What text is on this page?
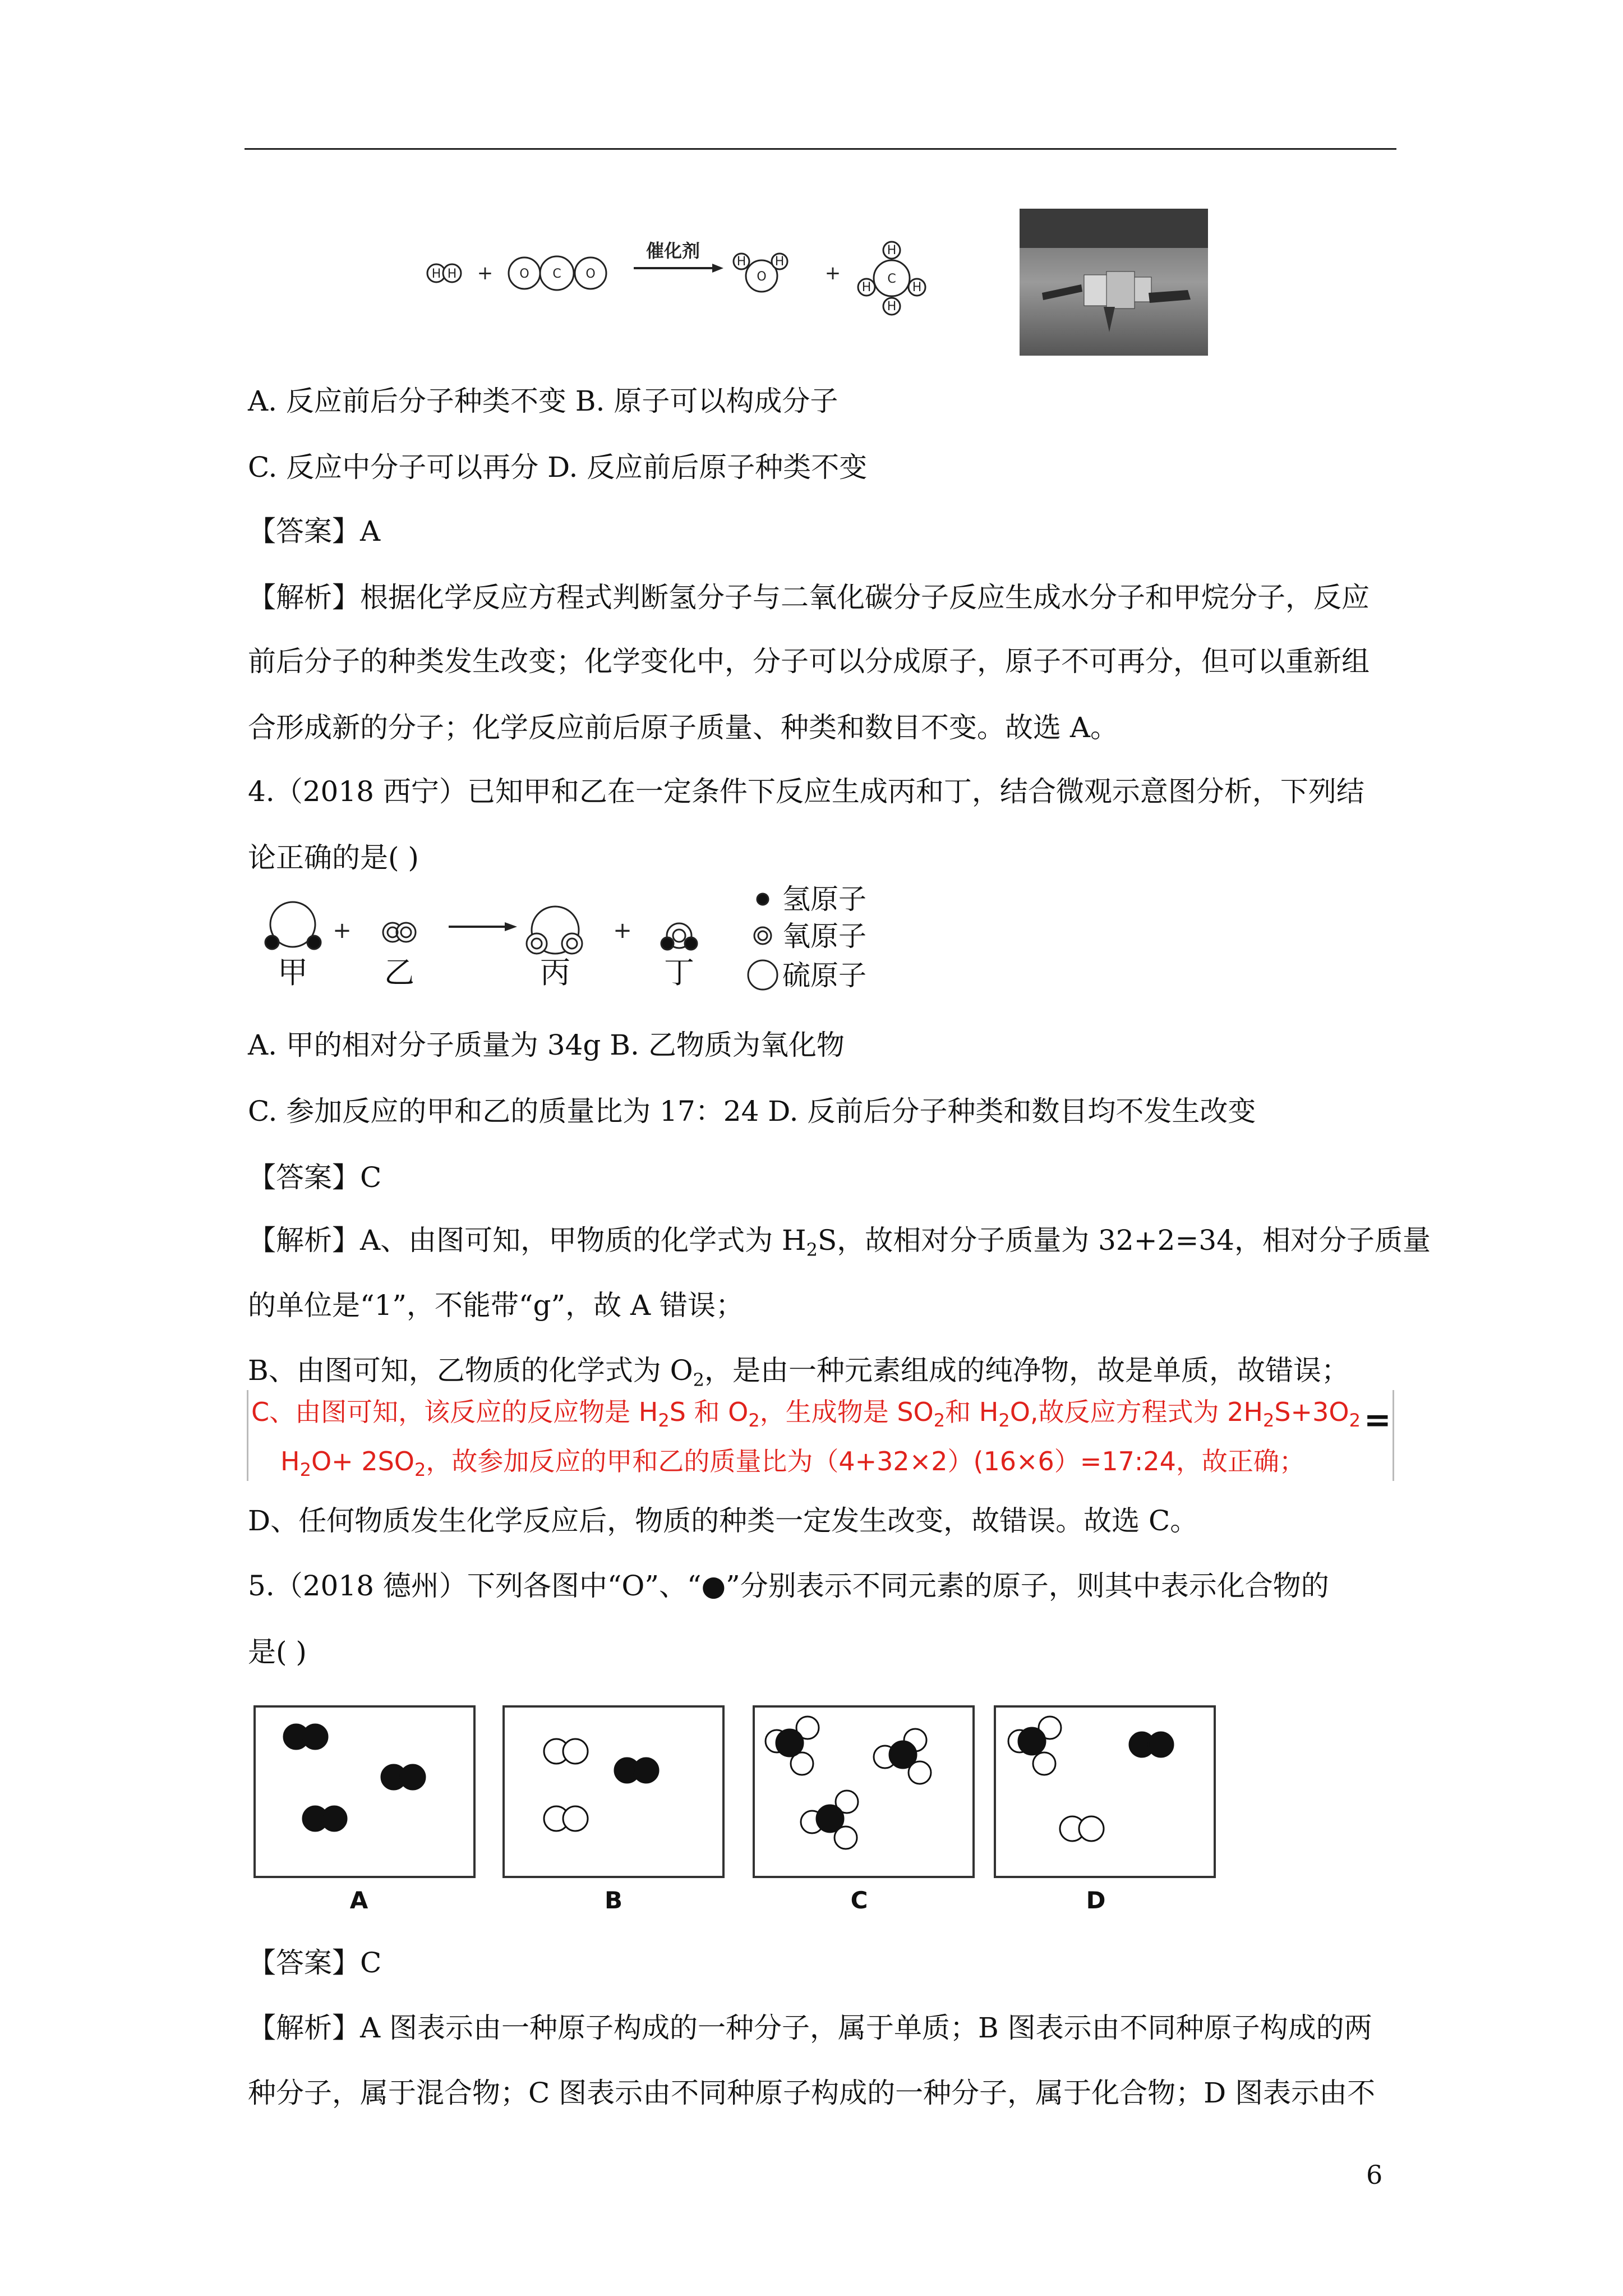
H H	O C O	O
H H
C
H
H
H	H
+	+
催化剂
A. 反应前后分子种类不变 B. 原子可以构成分子
C. 反应中分子可以再分 D. 反应前后原子种类不变
【答案】A
【解析】根据化学反应方程式判断氢分子与二氧化碳分子反应生成水分子和甲烷分子，反应
前后分子的种类发生改变；化学变化中，分子可以分成原子，原子不可再分，但可以重新组
合形成新的分子；化学反应前后原子质量、种类和数目不变。故选 A。
4.（2018 西宁）已知甲和乙在一定条件下反应生成丙和丁，结合微观示意图分析，下列结
论正确的是( )
+	+
甲	乙	丙	丁
氢原子
氧原子
硫原子
A. 甲的相对分子质量为 34g B. 乙物质为氧化物
C. 参加反应的甲和乙的质量比为 17：24 D. 反前后分子种类和数目均不发生改变
【答案】C
【解析】A、由图可知，甲物质的化学式为 $H_2S$，故相对分子质量为 32+2=34，相对分子质量
的单位是“1”，不能带“g”，故 A 错误；
B、由图可知，乙物质的化学式为 $O_2$，是由一种元素组成的纯净物，故是单质，故错误；
C、由图可知，该反应的反应物是 $H_2S$ 和 $O_2$，生成物是 $SO_2$和 $H_2O$,故反应方程式为 $2H_2S+3O_2$ =
$H_2O+ 2SO_2$，故参加反应的甲和乙的质量比为（4+32×2）(16×6）=17:24，故正确；
D、任何物质发生化学反应后，物质的种类一定发生改变，故错误。故选 C。
5.（2018 德州）下列各图中“O”、“●”分别表示不同元素的原子，则其中表示化合物的
是( )
A	B	C	D
【答案】C
【解析】A 图表示由一种原子构成的一种分子，属于单质；B 图表示由不同种原子构成的两
种分子，属于混合物；C 图表示由不同种原子构成的一种分子，属于化合物；D 图表示由不
6
